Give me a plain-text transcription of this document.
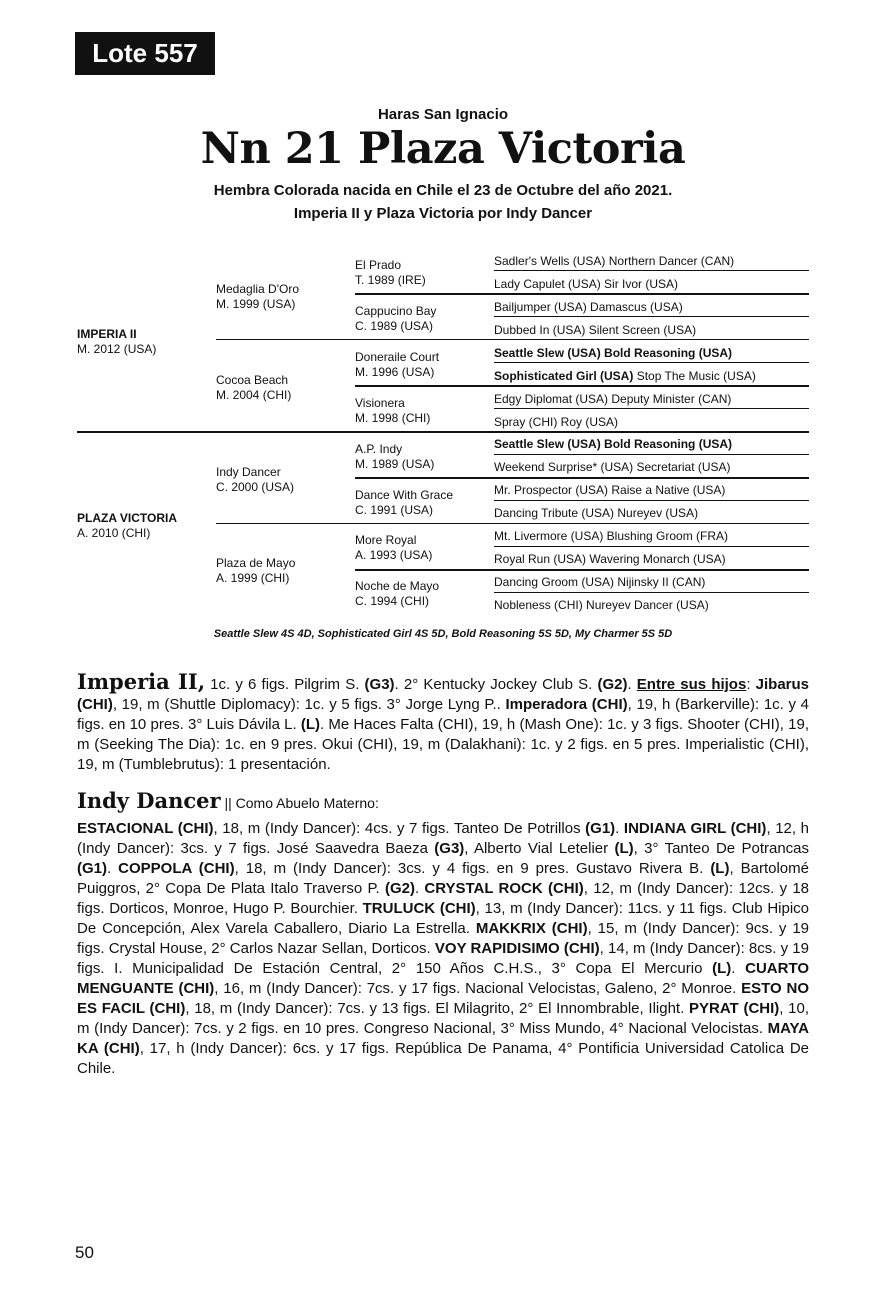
Lote 557
Haras San Ignacio
Nn 21 Plaza Victoria
Hembra Colorada nacida en Chile el 23 de Octubre del año 2021.
Imperia II y Plaza Victoria por Indy Dancer
IMPERIA II
M. 2012 (USA)
PLAZA VICTORIA
A. 2010 (CHI)
Medaglia D'Oro
M. 1999 (USA)
Cocoa Beach
M. 2004 (CHI)
Indy Dancer
C. 2000 (USA)
Plaza de Mayo
A. 1999 (CHI)
El Prado
T. 1989 (IRE)
Cappucino Bay
C. 1989 (USA)
Doneraile Court
M. 1996 (USA)
Visionera
M. 1998 (CHI)
A.P. Indy
M. 1989 (USA)
Dance With Grace
C. 1991 (USA)
More Royal
A. 1993 (USA)
Noche de Mayo
C. 1994 (CHI)
Sadler's Wells (USA) Northern Dancer (CAN)
Lady Capulet (USA) Sir Ivor (USA)
Bailjumper (USA) Damascus (USA)
Dubbed In (USA) Silent Screen (USA)
Seattle Slew (USA) Bold Reasoning (USA)
Sophisticated Girl (USA) Stop The Music (USA)
Edgy Diplomat (USA) Deputy Minister (CAN)
Spray (CHI) Roy (USA)
Seattle Slew (USA) Bold Reasoning (USA)
Weekend Surprise* (USA) Secretariat (USA)
Mr. Prospector (USA) Raise a Native (USA)
Dancing Tribute (USA) Nureyev (USA)
Mt. Livermore (USA) Blushing Groom (FRA)
Royal Run (USA) Wavering Monarch (USA)
Dancing Groom (USA) Nijinsky II (CAN)
Nobleness (CHI) Nureyev Dancer (USA)
Seattle Slew 4S 4D, Sophisticated Girl 4S 5D, Bold Reasoning 5S 5D, My Charmer 5S 5D
Imperia II, 1c. y 6 figs. Pilgrim S. (G3). 2° Kentucky Jockey Club S. (G2). Entre sus hijos: Jibarus (CHI), 19, m (Shuttle Diplomacy): 1c. y 5 figs. 3° Jorge Lyng P.. Imperadora (CHI), 19, h (Barkerville): 1c. y 4 figs. en 10 pres. 3° Luis Dávila L. (L). Me Haces Falta (CHI), 19, h (Mash One): 1c. y 3 figs. Shooter (CHI), 19, m (Seeking The Dia): 1c. en 9 pres. Okui (CHI), 19, m (Dalakhani): 1c. y 2 figs. en 5 pres. Imperialistic (CHI), 19, m (Tumblebrutus): 1 presentación.
Indy Dancer || Como Abuelo Materno:
ESTACIONAL (CHI), 18, m (Indy Dancer): 4cs. y 7 figs. Tanteo De Potrillos (G1). INDIANA GIRL (CHI), 12, h (Indy Dancer): 3cs. y 7 figs. José Saavedra Baeza (G3), Alberto Vial Letelier (L), 3° Tanteo De Potrancas (G1). COPPOLA (CHI), 18, m (Indy Dancer): 3cs. y 4 figs. en 9 pres. Gustavo Rivera B. (L), Bartolomé Puiggros, 2° Copa De Plata Italo Traverso P. (G2). CRYSTAL ROCK (CHI), 12, m (Indy Dancer): 12cs. y 18 figs. Dorticos, Monroe, Hugo P. Bourchier. TRULUCK (CHI), 13, m (Indy Dancer): 11cs. y 11 figs. Club Hipico De Concepción, Alex Varela Caballero, Diario La Estrella. MAKKRIX (CHI), 15, m (Indy Dancer): 9cs. y 19 figs. Crystal House, 2° Carlos Nazar Sellan, Dorticos. VOY RAPIDISIMO (CHI), 14, m (Indy Dancer): 8cs. y 19 figs. I. Municipalidad De Estación Central, 2° 150 Años C.H.S., 3° Copa El Mercurio (L). CUARTO MENGUANTE (CHI), 16, m (Indy Dancer): 7cs. y 17 figs. Nacional Velocistas, Galeno, 2° Monroe. ESTO NO ES FACIL (CHI), 18, m (Indy Dancer): 7cs. y 13 figs. El Milagrito, 2° El Innombrable, Ilight. PYRAT (CHI), 10, m (Indy Dancer): 7cs. y 2 figs. en 10 pres. Congreso Nacional, 3° Miss Mundo, 4° Nacional Velocistas. MAYA KA (CHI), 17, h (Indy Dancer): 6cs. y 17 figs. República De Panama, 4° Pontificia Universidad Catolica De Chile.
50
